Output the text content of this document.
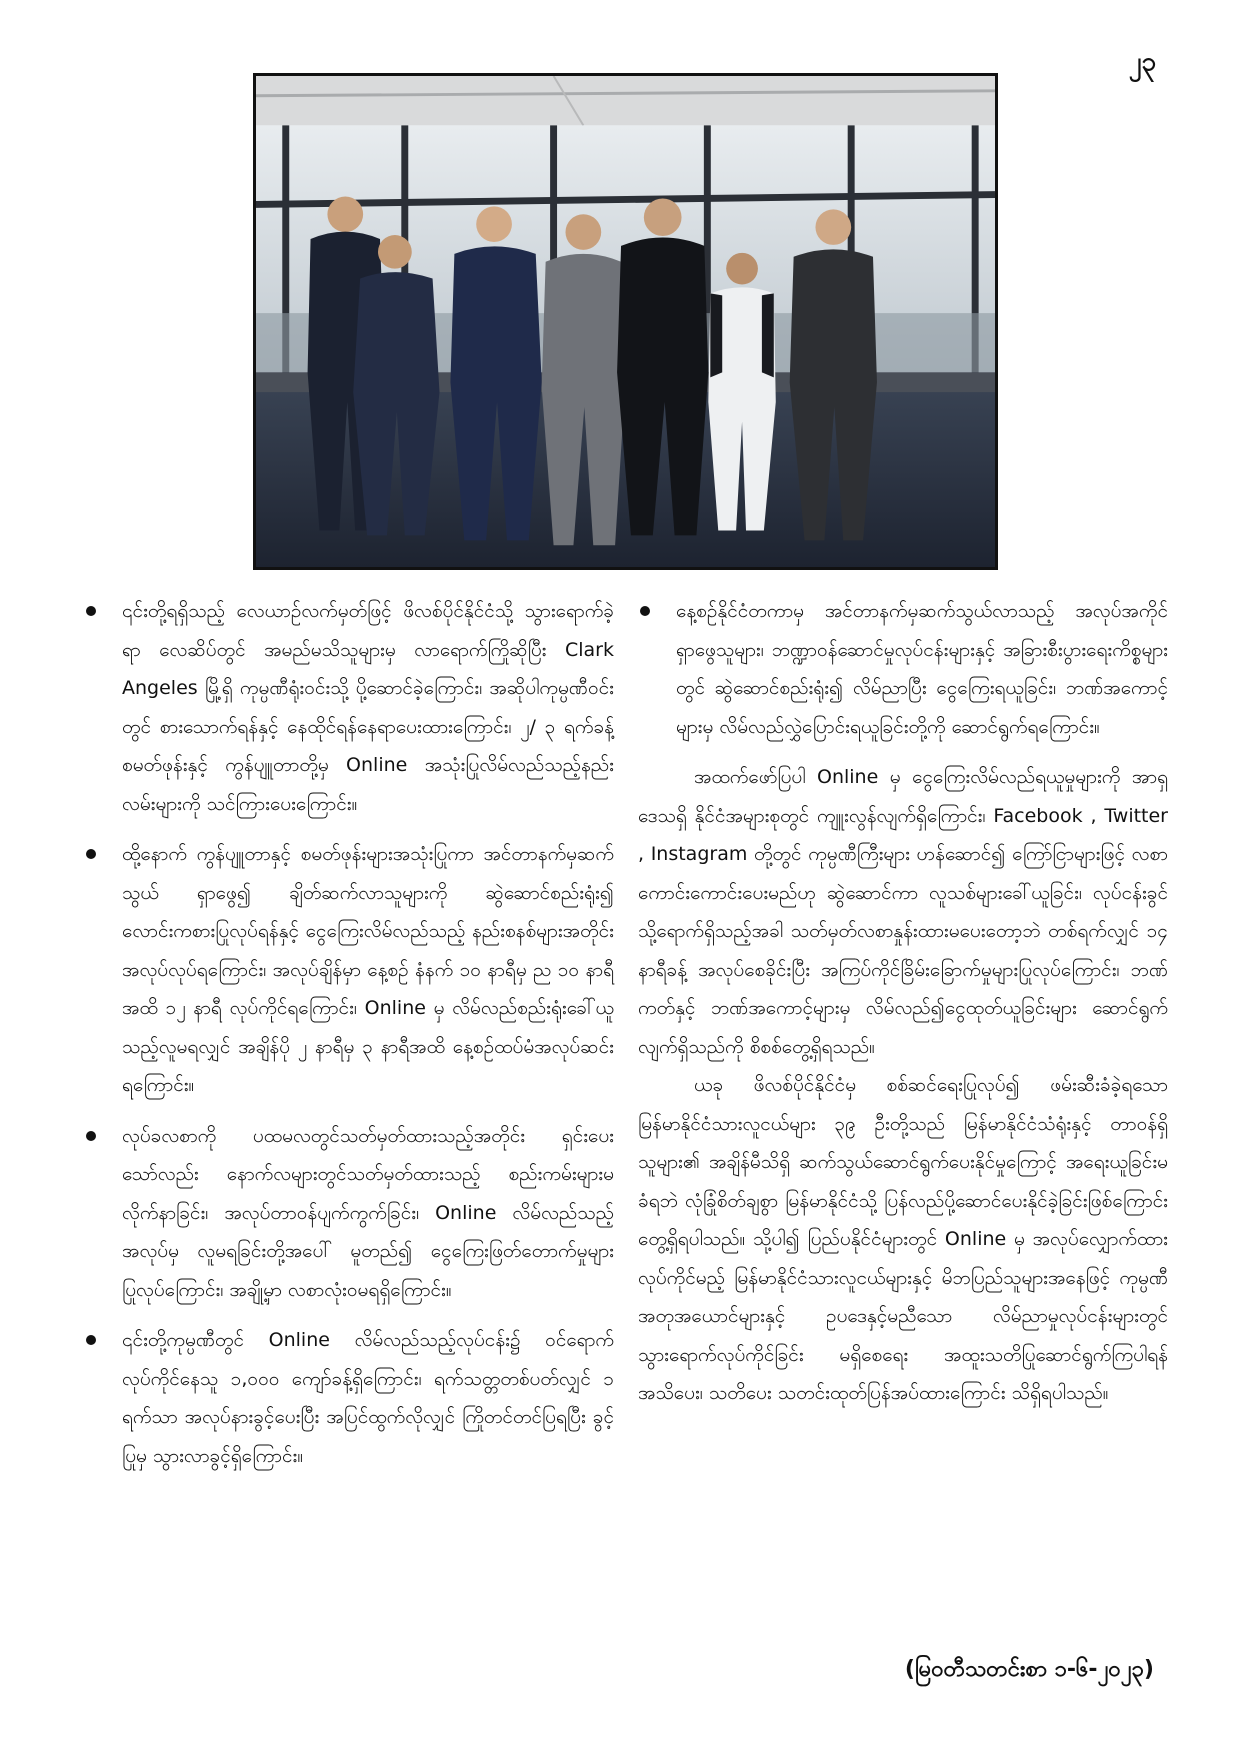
၂၃
၎င်းတို့ရရှိသည့် လေယာဉ်လက်မှတ်ဖြင့် ဖိလစ်ပိုင်နိုင်ငံသို့ သွားရောက်ခဲ့ရာ လေဆိပ်တွင် အမည်မသိသူများမှ လာရောက်ကြိုဆိုပြီး Clark Angeles မြို့ရှိ ကုမ္ပဏီရုံးဝင်းသို့ ပို့ဆောင်ခဲ့ကြောင်း၊ အဆိုပါကုမ္ပဏီဝင်းတွင် စားသောက်ရန်နှင့် နေထိုင်ရန်နေရာပေးထားကြောင်း၊ ၂/ ၃ ရက်ခန့် စမတ်ဖုန်းနှင့် ကွန်ပျူတာတို့မှ Online အသုံးပြုလိမ်လည်သည့်နည်းလမ်းများကို သင်ကြားပေးကြောင်း။
ထို့နောက် ကွန်ပျူတာနှင့် စမတ်ဖုန်းများအသုံးပြုကာ အင်တာနက်မှဆက်သွယ် ရှာဖွေ၍ ချိတ်ဆက်လာသူများကို ဆွဲဆောင်စည်းရုံး၍ လောင်းကစားပြုလုပ်ရန်နှင့် ငွေကြေးလိမ်လည်သည့် နည်းစနစ်များအတိုင်း အလုပ်လုပ်ရကြောင်း၊ အလုပ်ချိန်မှာ နေ့စဉ် နံနက် ၁၀ နာရီမှ ည ၁၀ နာရီအထိ ၁၂ နာရီ လုပ်ကိုင်ရကြောင်း၊ Online မှ လိမ်လည်စည်းရုံးခေါ်ယူသည့်လူမရလျှင် အချိန်ပို ၂ နာရီမှ ၃ နာရီအထိ နေ့စဉ်ထပ်မံအလုပ်ဆင်းရကြောင်း။
လုပ်ခလစာကို ပထမလတွင်သတ်မှတ်ထားသည့်အတိုင်း ရှင်းပေးသော်လည်း နောက်လများတွင်သတ်မှတ်ထားသည့် စည်းကမ်းများမလိုက်နာခြင်း၊ အလုပ်တာဝန်ပျက်ကွက်ခြင်း၊ Online လိမ်လည်သည့်အလုပ်မှ လူမရခြင်းတို့အပေါ် မူတည်၍ ငွေကြေးဖြတ်တောက်မှုများပြုလုပ်ကြောင်း၊ အချို့မှာ လစာလုံးဝမရရှိကြောင်း။
၎င်းတို့ကုမ္ပဏီတွင် Online လိမ်လည်သည့်လုပ်ငန်း၌ ဝင်ရောက်လုပ်ကိုင်နေသူ ၁,၀၀၀ ကျော်ခန့်ရှိကြောင်း၊ ရက်သတ္တတစ်ပတ်လျှင် ၁ ရက်သာ အလုပ်နားခွင့်ပေးပြီး အပြင်ထွက်လိုလျှင် ကြိုတင်တင်ပြရပြီး ခွင့်ပြုမှ သွားလာခွင့်ရှိကြောင်း။
နေ့စဉ်နိုင်ငံတကာမှ အင်တာနက်မှဆက်သွယ်လာသည့် အလုပ်အကိုင်ရှာဖွေသူများ၊ ဘဏ္ဍာဝန်ဆောင်မှုလုပ်ငန်းများနှင့် အခြားစီးပွားရေးကိစ္စများတွင် ဆွဲဆောင်စည်းရုံး၍ လိမ်ညာပြီး ငွေကြေးရယူခြင်း၊ ဘဏ်အကောင့်များမှ လိမ်လည်လွှဲပြောင်းရယူခြင်းတို့ကို ဆောင်ရွက်ရကြောင်း။

အထက်ဖော်ပြပါ Online မှ ငွေကြေးလိမ်လည်ရယူမှုများကို အာရှဒေသရှိ နိုင်ငံအများစုတွင် ကျူးလွန်လျက်ရှိကြောင်း၊ Facebook , Twitter , Instagram တို့တွင် ကုမ္ပဏီကြီးများ ဟန်ဆောင်၍ ကြော်ငြာများဖြင့် လစာကောင်းကောင်းပေးမည်ဟု ဆွဲဆောင်ကာ လူသစ်များခေါ်ယူခြင်း၊ လုပ်ငန်းခွင်သို့ရောက်ရှိသည့်အခါ သတ်မှတ်လစာနှုန်းထားမပေးတော့ဘဲ တစ်ရက်လျှင် ၁၄ နာရီခန့် အလုပ်စေခိုင်းပြီး အကြပ်ကိုင်ခြိမ်းခြောက်မှုများပြုလုပ်ကြောင်း၊ ဘဏ်ကတ်နှင့် ဘဏ်အကောင့်များမှ လိမ်လည်၍ငွေထုတ်ယူခြင်းများ ဆောင်ရွက်လျက်ရှိသည်ကို စိစစ်တွေ့ရှိရသည်။

ယခု ဖိလစ်ပိုင်နိုင်ငံမှ စစ်ဆင်ရေးပြုလုပ်၍ ဖမ်းဆီးခံခဲ့ရသော မြန်မာနိုင်ငံသားလူငယ်များ ၃၉ ဦးတို့သည် မြန်မာနိုင်ငံသံရုံးနှင့် တာဝန်ရှိသူများ၏ အချိန်မီသိရှိ ဆက်သွယ်ဆောင်ရွက်ပေးနိုင်မှုကြောင့် အရေးယူခြင်းမခံရဘဲ လုံခြုံစိတ်ချစွာ မြန်မာနိုင်ငံသို့ ပြန်လည်ပို့ဆောင်ပေးနိုင်ခဲ့ခြင်းဖြစ်ကြောင်း တွေ့ရှိရပါသည်။ သို့ပါ၍ ပြည်ပနိုင်ငံများတွင် Online မှ အလုပ်လျှောက်ထားလုပ်ကိုင်မည့် မြန်မာနိုင်ငံသားလူငယ်များနှင့် မိဘပြည်သူများအနေဖြင့် ကုမ္ပဏီအတုအယောင်များနှင့် ဥပဒေနှင့်မညီသော လိမ်ညာမှုလုပ်ငန်းများတွင် သွားရောက်လုပ်ကိုင်ခြင်း မရှိစေရေး အထူးသတိပြုဆောင်ရွက်ကြပါရန် အသိပေး၊ သတိပေး သတင်းထုတ်ပြန်အပ်ထားကြောင်း သိရှိရပါသည်။

(မြဝတီသတင်းစာ ၁-၆-၂၀၂၃)
